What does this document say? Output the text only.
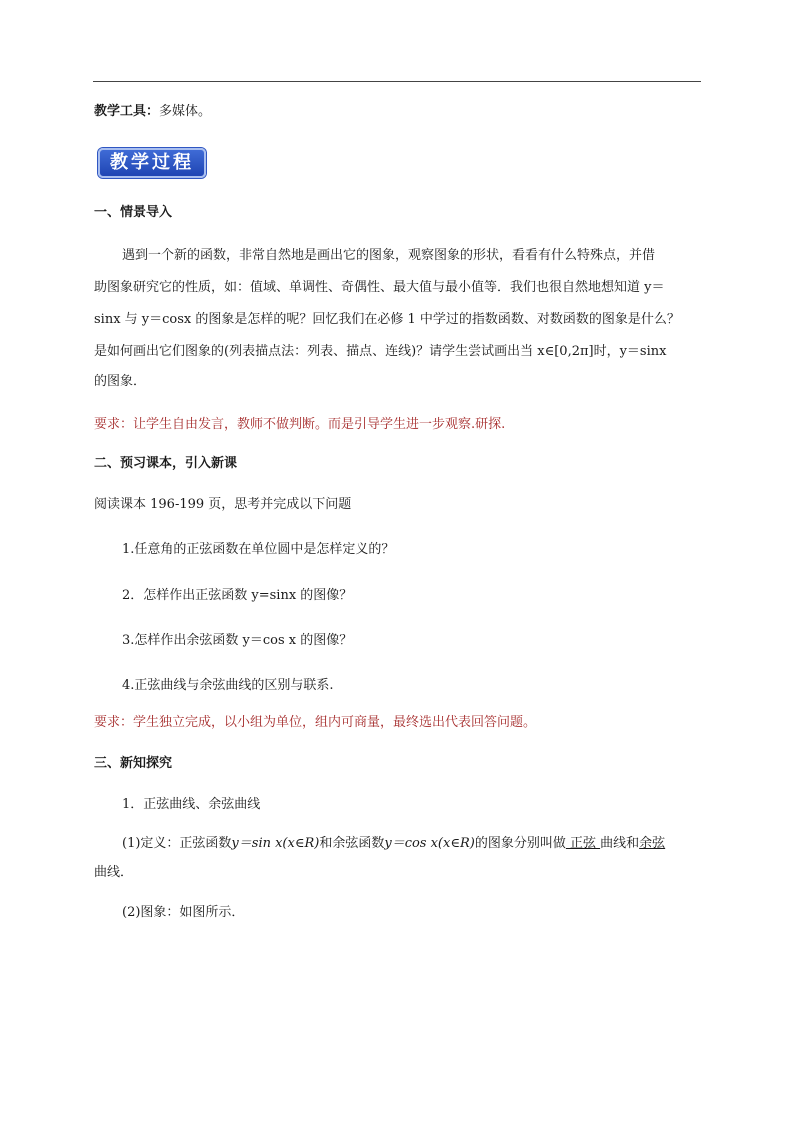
教学工具：多媒体。
教学过程
一、情景导入
遇到一个新的函数，非常自然地是画出它的图象，观察图象的形状，看看有什么特殊点，并借
助图象研究它的性质，如：值域、单调性、奇偶性、最大值与最小值等．我们也很自然地想知道 y＝
sinx 与 y＝cosx 的图象是怎样的呢？回忆我们在必修 1 中学过的指数函数、对数函数的图象是什么？
是如何画出它们图象的(列表描点法：列表、描点、连线)？请学生尝试画出当 x∈[0,2π]时，y＝sinx
的图象．
要求：让学生自由发言，教师不做判断。而是引导学生进一步观察.研探.
二、预习课本，引入新课
阅读课本 196-199 页，思考并完成以下问题
1.任意角的正弦函数在单位圆中是怎样定义的？
2．怎样作出正弦函数 y=sinx 的图像？
3.怎样作出余弦函数 y＝cos x 的图像？
4.正弦曲线与余弦曲线的区别与联系.
要求：学生独立完成，以小组为单位，组内可商量，最终选出代表回答问题。
三、新知探究
1．正弦曲线、余弦曲线
(1)定义：正弦函数y＝sin x(x∈R)和余弦函数y＝cos x(x∈R)的图象分别叫做 正弦 曲线和余弦
曲线．
(2)图象：如图所示．
